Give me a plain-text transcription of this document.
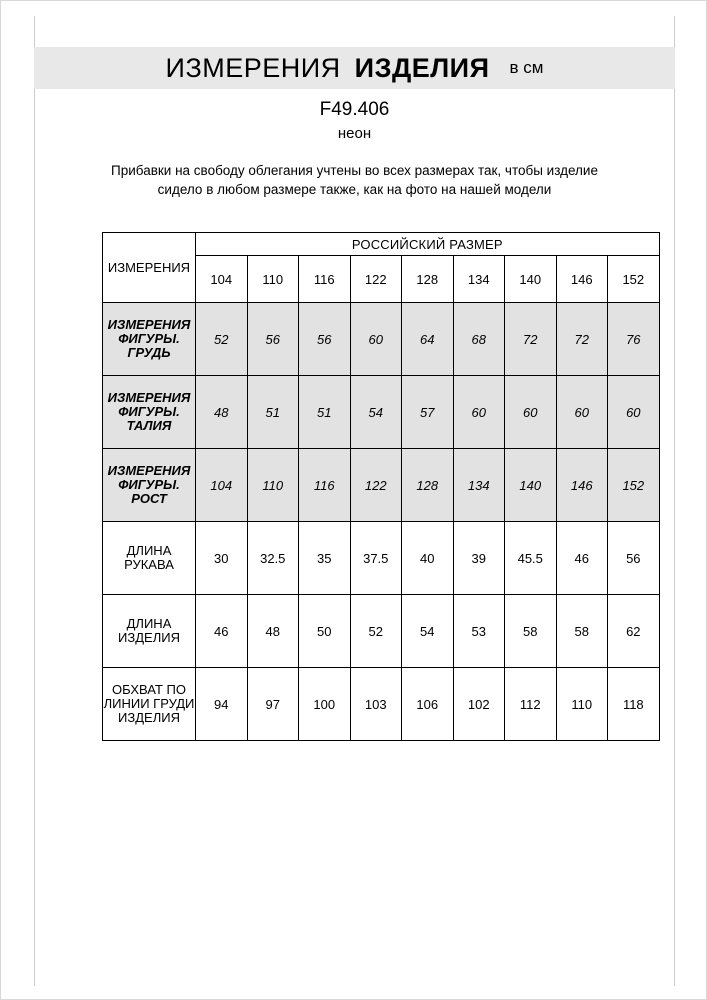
ИЗМЕРЕНИЯ ИЗДЕЛИЯ в см
F49.406
неон
Прибавки на свободу облегания учтены во всех размерах так, чтобы изделие сидело в любом размере также, как на фото на нашей модели
ИЗМЕРЕНИЯ	РОССИЙСКИЙ РАЗМЕР								
	104	110	116	122	128	134	140	146	152
ИЗМЕРЕНИЯ ФИГУРЫ. ГРУДЬ	52	56	56	60	64	68	72	72	76
ИЗМЕРЕНИЯ ФИГУРЫ. ТАЛИЯ	48	51	51	54	57	60	60	60	60
ИЗМЕРЕНИЯ ФИГУРЫ. РОСТ	104	110	116	122	128	134	140	146	152
ДЛИНА РУКАВА	30	32.5	35	37.5	40	39	45.5	46	56
ДЛИНА ИЗДЕЛИЯ	46	48	50	52	54	53	58	58	62
ОБХВАТ ПО ЛИНИИ ГРУДИ ИЗДЕЛИЯ	94	97	100	103	106	102	112	110	118
